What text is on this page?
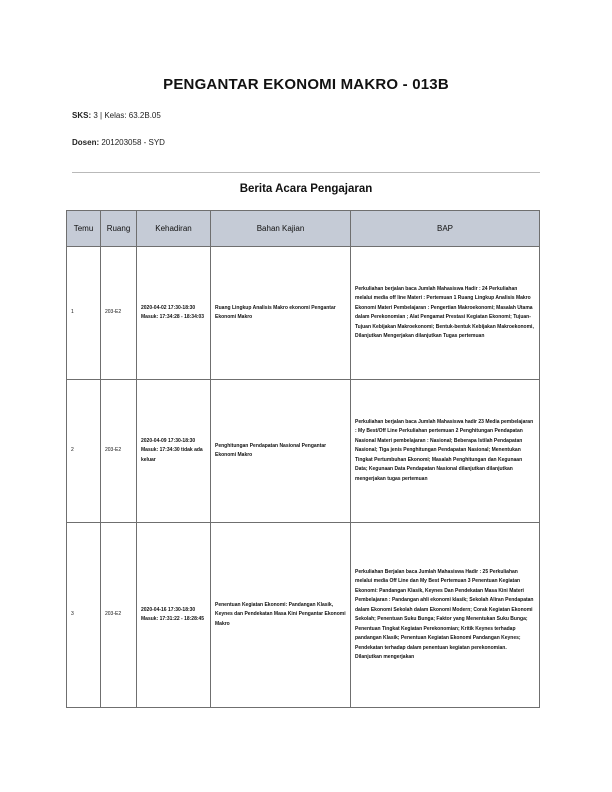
PENGANTAR EKONOMI MAKRO - 013B
SKS: 3 | Kelas: 63.2B.05
Dosen: 201203058 - SYD
Berita Acara Pengajaran
Temu	Ruang	Kehadiran	Bahan Kajian	BAP
1	203-E2	2020-04-02 17:30-18:30 Masuk: 17:34:28 - 18:34:03	Ruang Lingkup Analisis Makro ekonomi Pengantar Ekonomi Makro	Perkuliahan berjalan baca Jumlah Mahasiswa Hadir : 24 Perkuliahan melalui media off line Materi : Pertemuan 1 Ruang Lingkup Analisis Makro Ekonomi Materi Pembelajaran : Pengertian Makroekonomi; Masalah Utama dalam Perekonomian ; Alat Pengamat Prestasi Kegiatan Ekonomi; Tujuan-Tujuan Kebijakan Makroekonomi; Bentuk-bentuk Kebijakan Makroekonomi, Dilanjutkan Mengerjakan dilanjutkan Tugas pertemuan
2	203-E2	2020-04-09 17:30-18:30 Masuk: 17:34:30 tidak ada keluar	Penghitungan Pendapatan Nasional Pengantar Ekonomi Makro	Perkuliahan berjalan baca Jumlah Mahasiswa hadir 23 Media pembelajaran : My Best/Off Line Perkuliahan pertemuan 2 Penghitungan Pendapatan Nasional Materi pembelajaran : Nasional; Beberapa Istilah Pendapatan Nasional; Tiga jenis Penghitungan Pendapatan Nasional; Menentukan Tingkat Pertumbuhan Ekonomi; Masalah Penghitungan dan Kegunaan Data; Kegunaan Data Pendapatan Nasional dilanjutkan dilanjutkan mengerjakan tugas pertemuan
3	203-E2	2020-04-16 17:30-18:30 Masuk: 17:31:22 - 18:28:45	Penentuan Kegiatan Ekonomi: Pandangan Klasik, Keynes dan Pendekatan Masa Kini Pengantar Ekonomi Makro	Perkuliahan Berjalan baca Jumlah Mahasiswa Hadir : 25 Perkuliahan melalui media Off Line dan My Best Pertemuan 3 Penentuan Kegiatan Ekonomi: Pandangan Klasik, Keynes Dan Pendekatan Masa Kini Materi Pembelajaran : Pandangan ahli ekonomi klasik; Sekolah Aliran Pendapatan dalam Ekonomi Sekolah dalam Ekonomi Modern; Corak Kegiatan Ekonomi Sekolah; Penentuan Suku Bunga; Faktor yang Menentukan Suku Bunga; Penentuan Tingkat Kegiatan Perekonomian; Kritik Keynes terhadap pandangan Klasik; Penentuan Kegiatan Ekonomi Pandangan Keynes; Pendekatan terhadap dalam penentuan kegiatan perekonomian. Dilanjutkan mengerjakan
